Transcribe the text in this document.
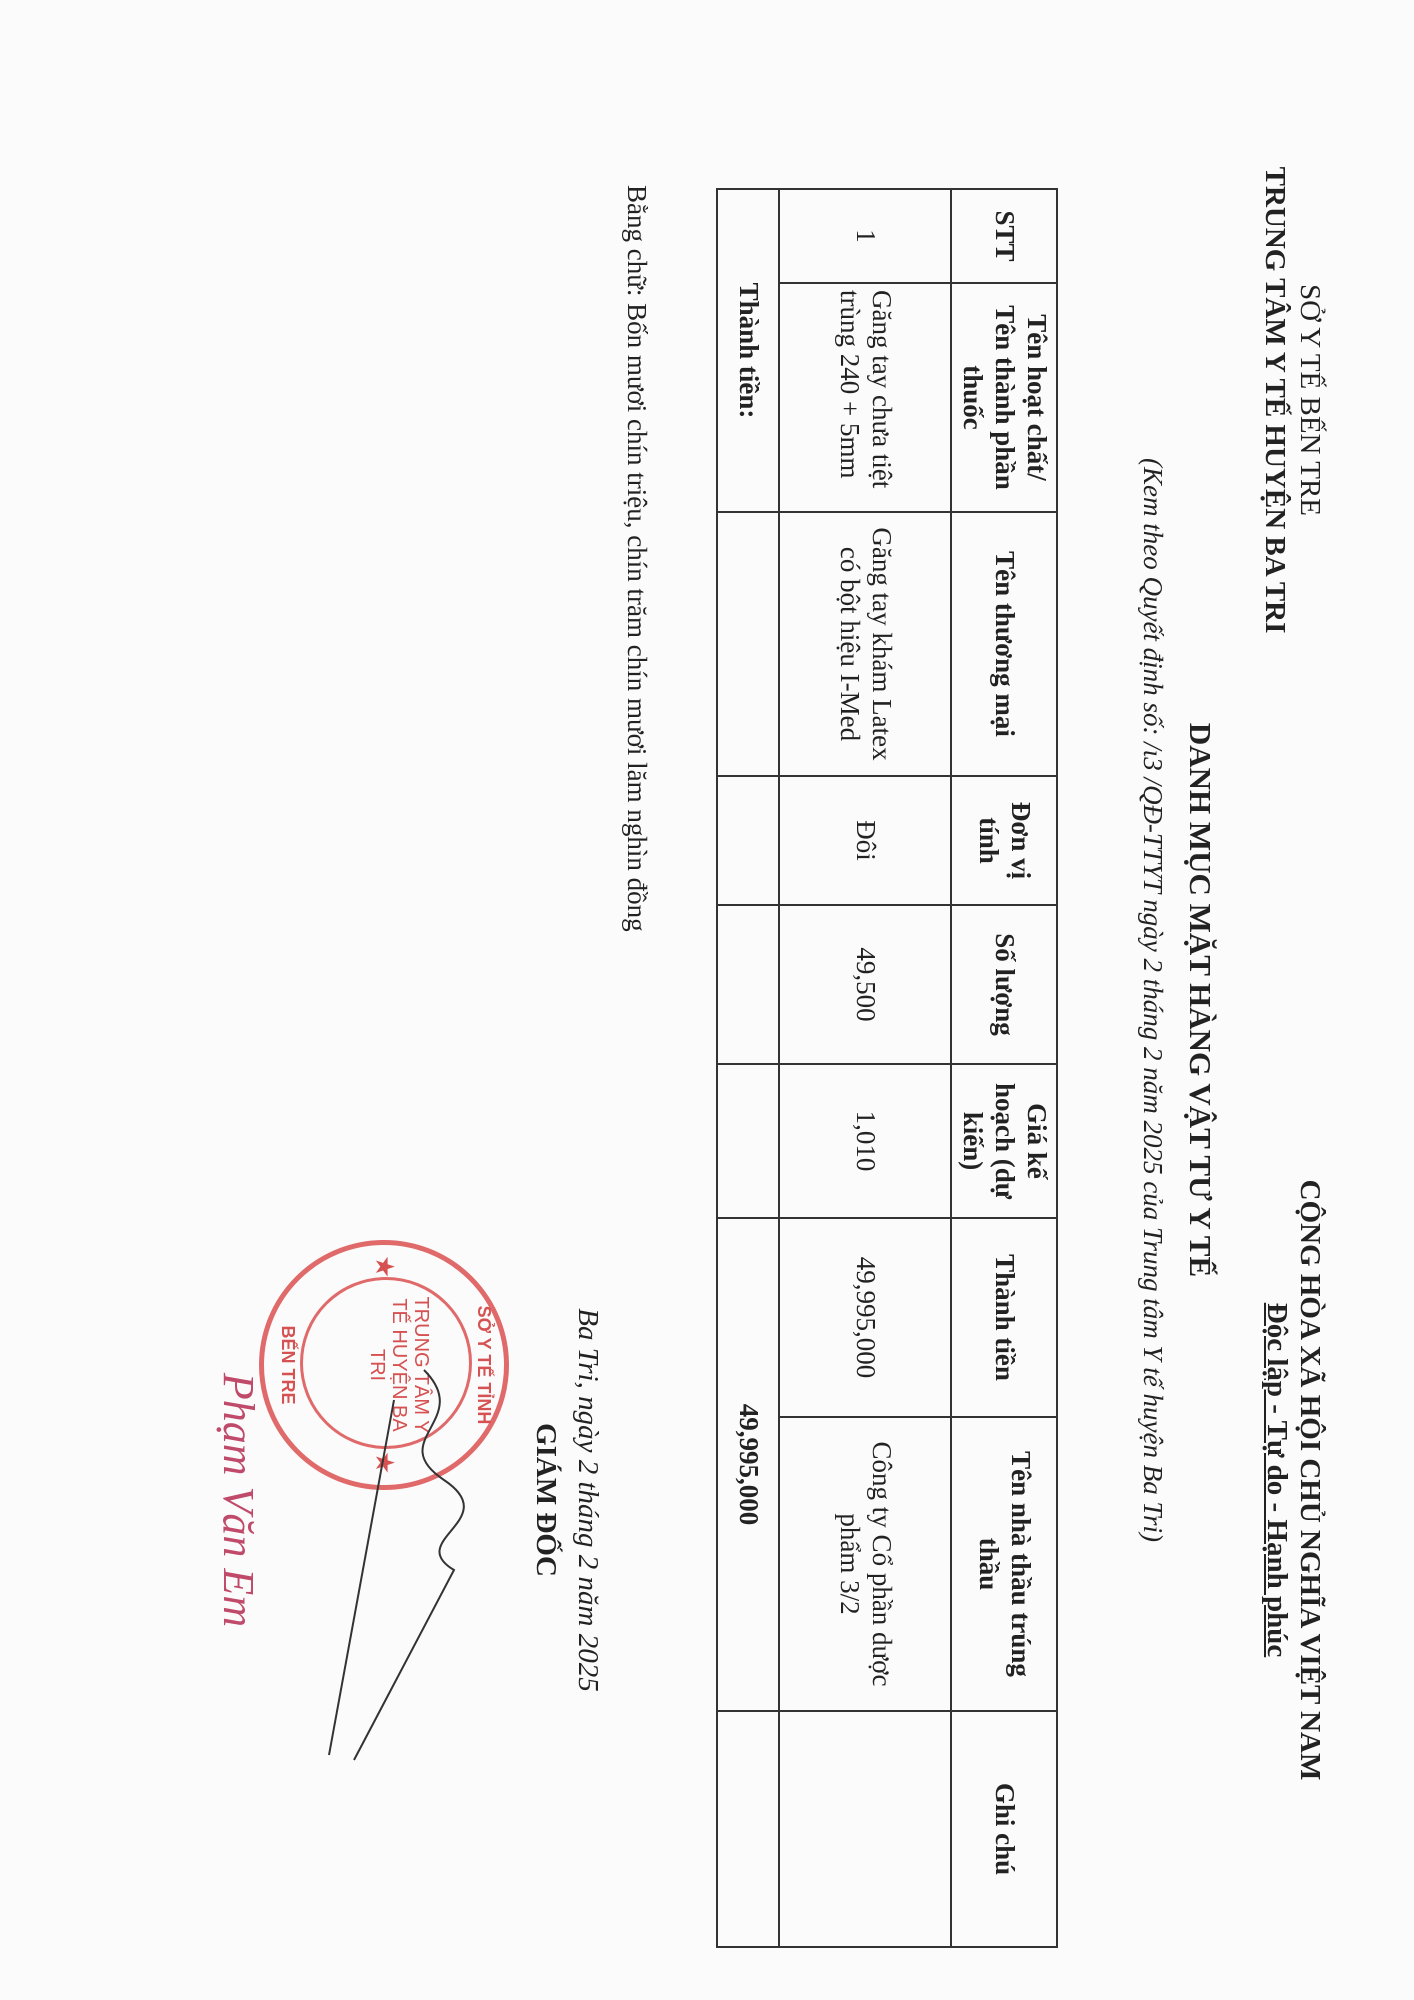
SỞ Y TẾ BẾN TRE
TRUNG TÂM Y TẾ HUYỆN BA TRI
CỘNG HÒA XÃ HỘI CHỦ NGHĨA VIỆT NAM
Độc lập - Tự do - Hạnh phúc
DANH MỤC MẶT HÀNG VẬT TƯ Y TẾ
(Kem theo Quyết định số: /ɩ3 /QĐ-TTYT ngày 2 tháng 2 năm 2025 của Trung tâm Y tế huyện Ba Tri)
STT	Tên hoạt chất/ Tên thành phần thuốc	Tên thương mại	Đơn vị tính	Số lượng	Giá kế hoạch (dự kiến)	Thành tiền	Tên nhà thầu trúng thầu	Ghi chú
1	Găng tay chưa tiệt trùng 240 + 5mm	Găng tay khám Latex có bột hiệu I-Med	Đôi	49,500	1,010	49,995,000	Công ty Cổ phần dược phẩm 3/2	
Thành tiền:						49,995,000		
Bằng chữ: Bốn mươi chín triệu, chín trăm chín mươi lăm nghìn đồng
Ba Tri, ngày 2 tháng 2 năm 2025
GIÁM ĐỐC
SỞ Y TẾ TỈNH
BẾN TRE	TRUNG TÂM Y TẾ HUYỆN BA TRI
★
★
Phạm Văn Em
